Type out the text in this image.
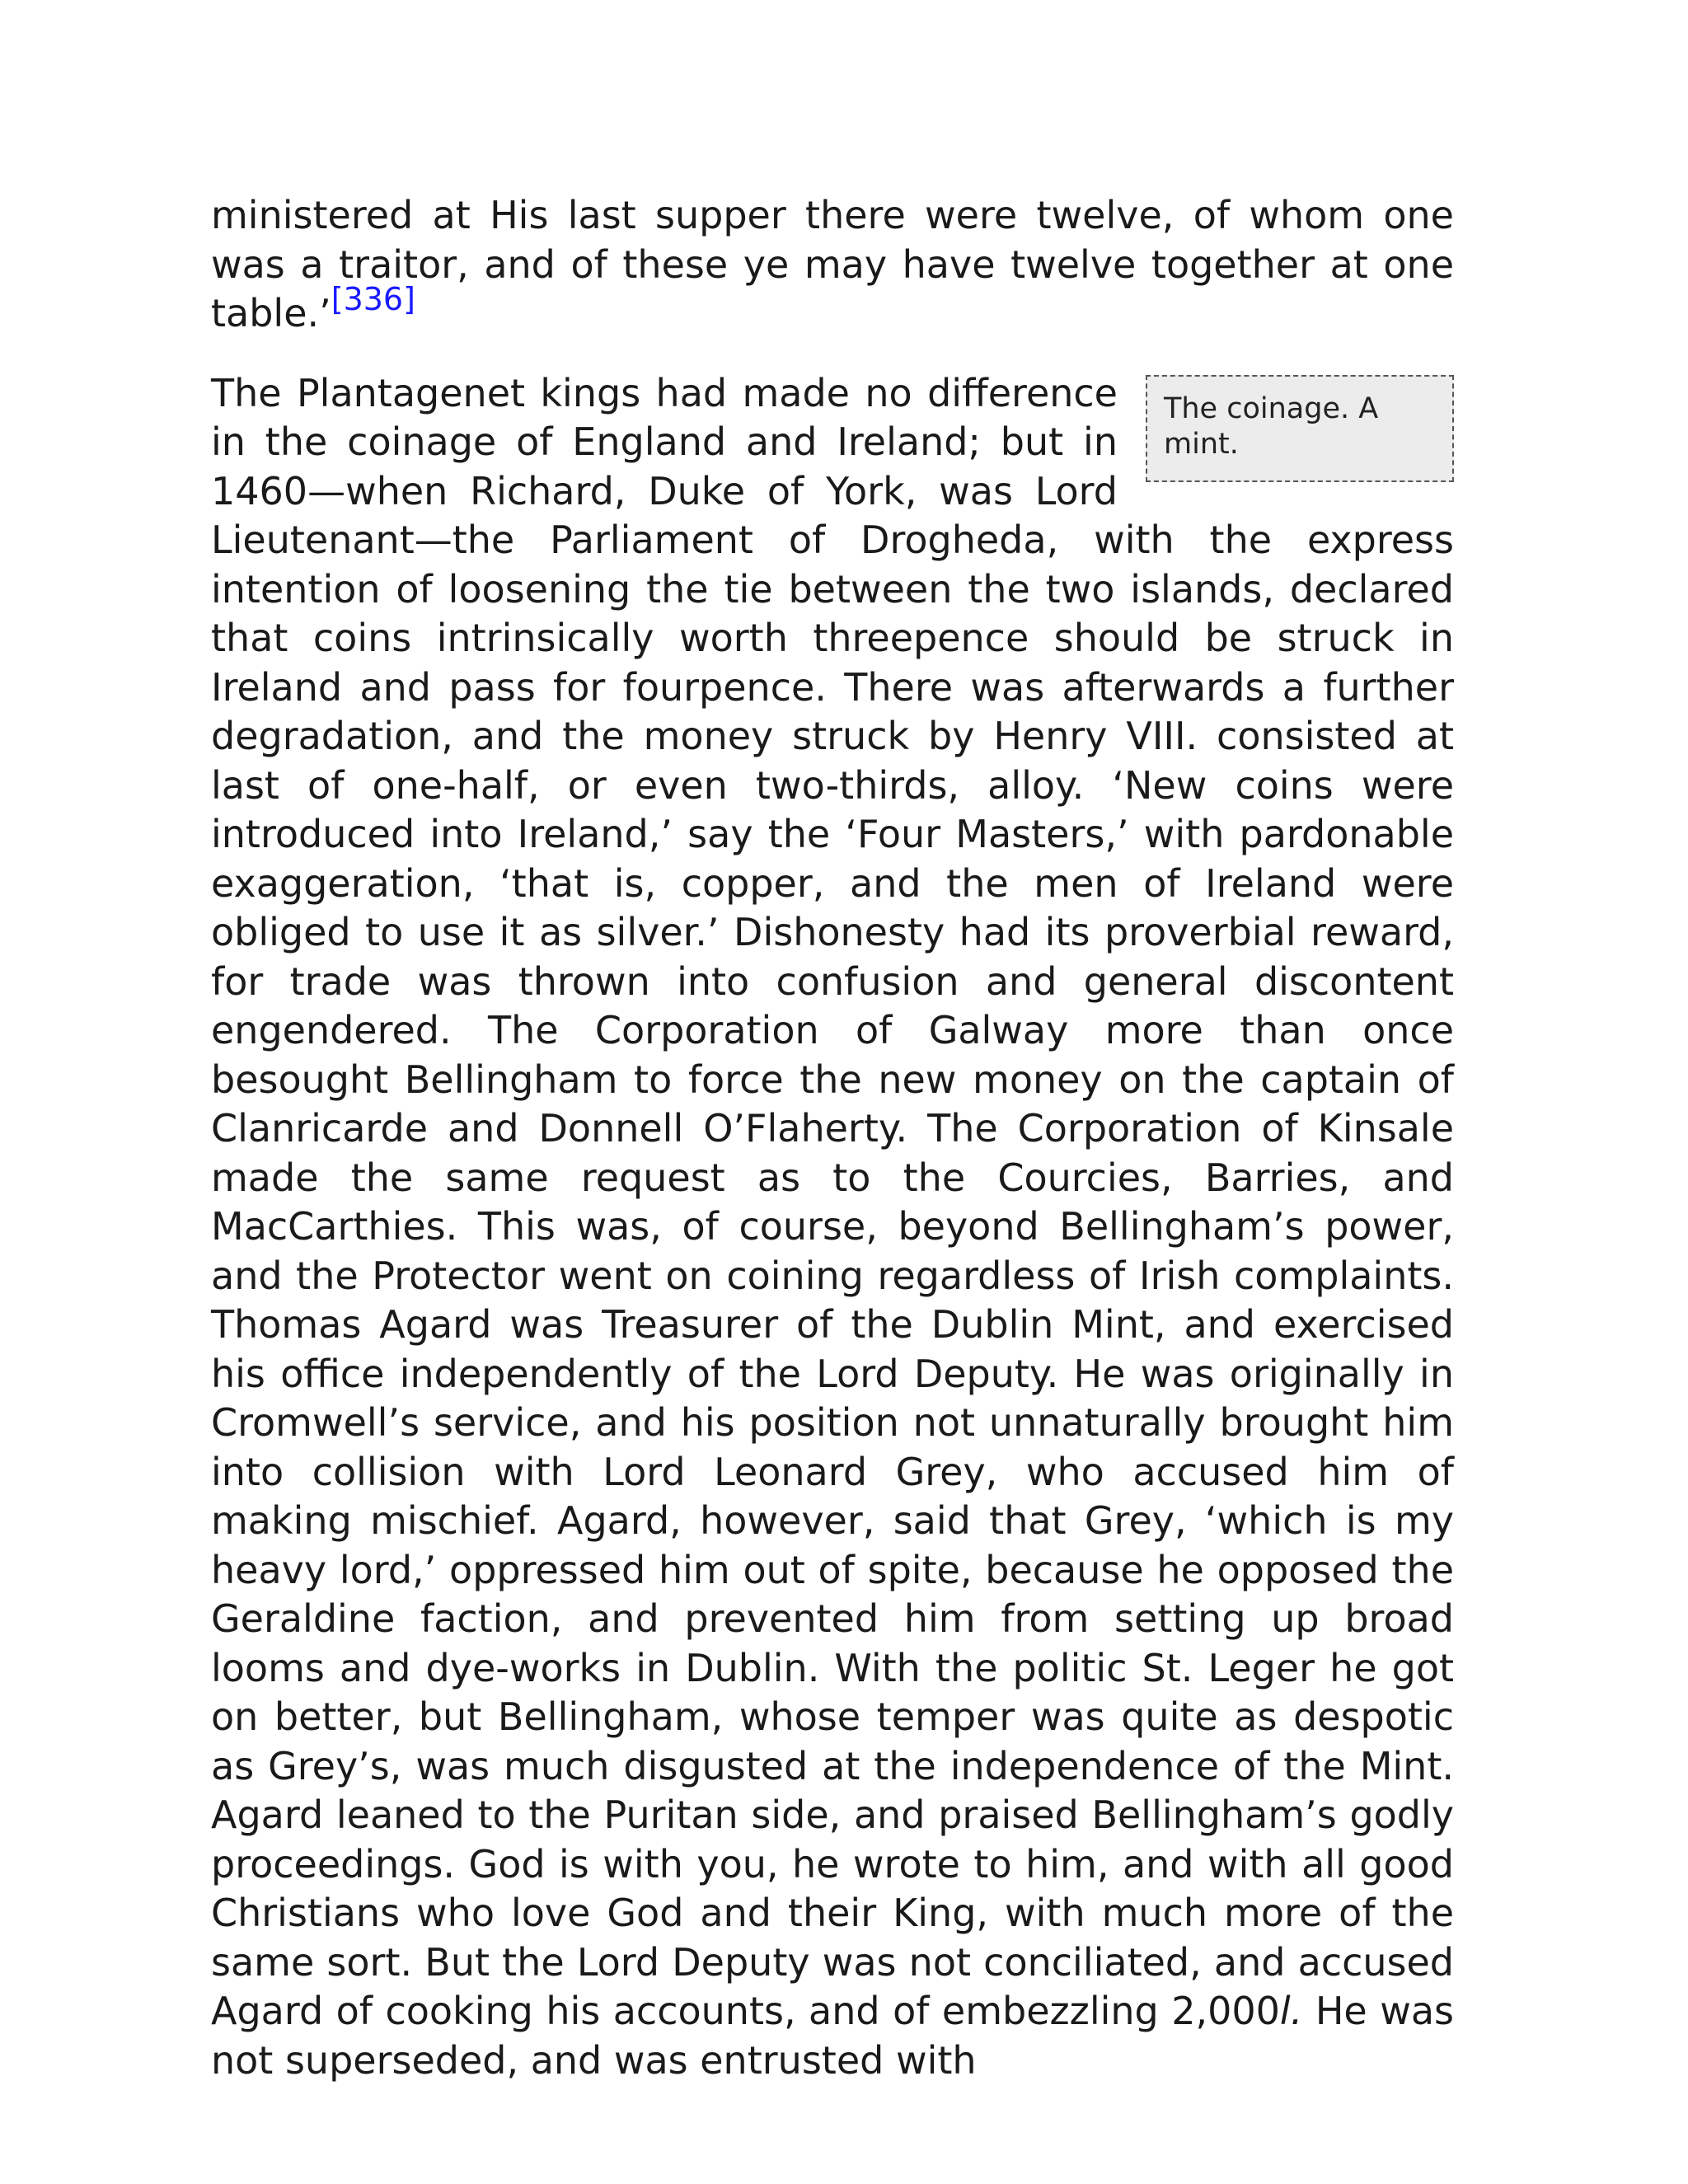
ministered at His last supper there were twelve, of whom one was a traitor, and of these ye may have twelve together at one table.’[336]

The coinage. A mint.
The Plantagenet kings had made no difference in the coinage of England and Ireland; but in 1460—when Richard, Duke of York, was Lord Lieutenant—the Parliament of Drogheda, with the express intention of loosening the tie between the two islands, declared that coins intrinsically worth threepence should be struck in Ireland and pass for fourpence. There was afterwards a further degradation, and the money struck by Henry VIII. consisted at last of one-half, or even two-thirds, alloy. ‘New coins were introduced into Ireland,’ say the ‘Four Masters,’ with pardonable exaggeration, ‘that is, copper, and the men of Ireland were obliged to use it as silver.’ Dishonesty had its proverbial reward, for trade was thrown into confusion and general discontent engendered. The Corporation of Galway more than once besought Bellingham to force the new money on the captain of Clanricarde and Donnell O’Flaherty. The Corporation of Kinsale made the same request as to the Courcies, Barries, and MacCarthies. This was, of course, beyond Bellingham’s power, and the Protector went on coining regardless of Irish complaints. Thomas Agard was Treasurer of the Dublin Mint, and exercised his office independently of the Lord Deputy. He was originally in Cromwell’s service, and his position not unnaturally brought him into collision with Lord Leonard Grey, who accused him of making mischief. Agard, however, said that Grey, ‘which is my heavy lord,’ oppressed him out of spite, because he opposed the Geraldine faction, and prevented him from setting up broad looms and dye-works in Dublin. With the politic St. Leger he got on better, but Bellingham, whose temper was quite as despotic as Grey’s, was much disgusted at the independence of the Mint. Agard leaned to the Puritan side, and praised Bellingham’s godly proceedings. God is with you, he wrote to him, and with all good Christians who love God and their King, with much more of the same sort. But the Lord Deputy was not conciliated, and accused Agard of cooking his accounts, and of embezzling 2,000l. He was not superseded, and was entrusted with
